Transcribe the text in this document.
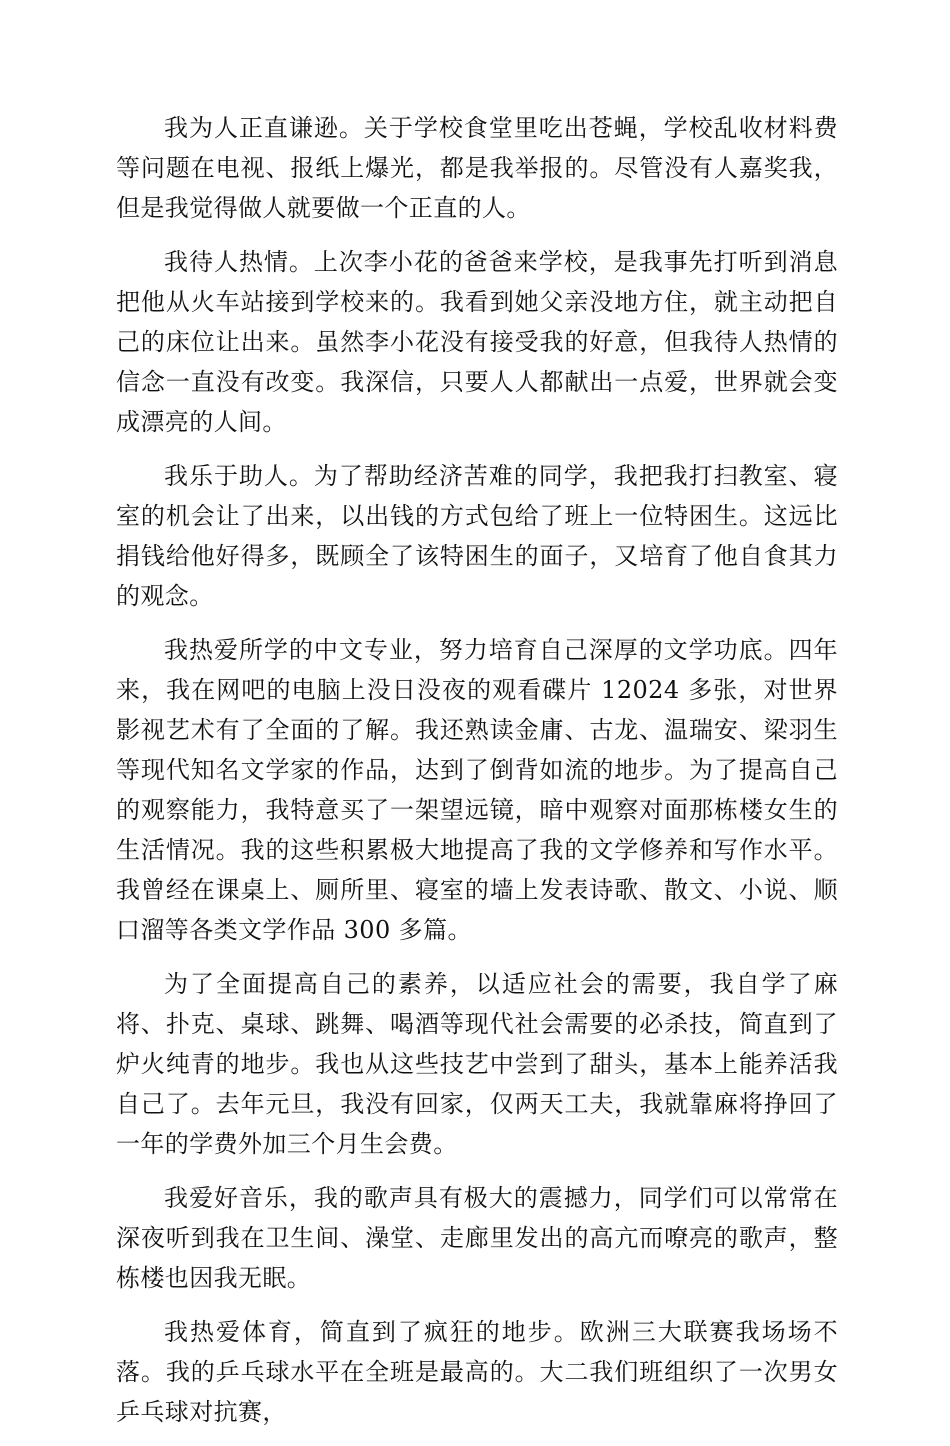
我为人正直谦逊。关于学校食堂里吃出苍蝇，学校乱收材料费等问题在电视、报纸上爆光，都是我举报的。尽管没有人嘉奖我，但是我觉得做人就要做一个正直的人。

我待人热情。上次李小花的爸爸来学校，是我事先打听到消息把他从火车站接到学校来的。我看到她父亲没地方住，就主动把自己的床位让出来。虽然李小花没有接受我的好意，但我待人热情的信念一直没有改变。我深信，只要人人都献出一点爱，世界就会变成漂亮的人间。

我乐于助人。为了帮助经济苦难的同学，我把我打扫教室、寝室的机会让了出来，以出钱的方式包给了班上一位特困生。这远比捐钱给他好得多，既顾全了该特困生的面子，又培育了他自食其力的观念。

我热爱所学的中文专业，努力培育自己深厚的文学功底。四年来，我在网吧的电脑上没日没夜的观看碟片 12024 多张，对世界影视艺术有了全面的了解。我还熟读金庸、古龙、温瑞安、梁羽生等现代知名文学家的作品，达到了倒背如流的地步。为了提高自己的观察能力，我特意买了一架望远镜，暗中观察对面那栋楼女生的生活情况。我的这些积累极大地提高了我的文学修养和写作水平。我曾经在课桌上、厕所里、寝室的墙上发表诗歌、散文、小说、顺口溜等各类文学作品 300 多篇。

为了全面提高自己的素养，以适应社会的需要，我自学了麻将、扑克、桌球、跳舞、喝酒等现代社会需要的必杀技，简直到了炉火纯青的地步。我也从这些技艺中尝到了甜头，基本上能养活我自己了。去年元旦，我没有回家，仅两天工夫，我就靠麻将挣回了一年的学费外加三个月生会费。

我爱好音乐，我的歌声具有极大的震撼力，同学们可以常常在深夜听到我在卫生间、澡堂、走廊里发出的高亢而嘹亮的歌声，整栋楼也因我无眠。

我热爱体育，简直到了疯狂的地步。欧洲三大联赛我场场不落。我的乒乓球水平在全班是最高的。大二我们班组织了一次男女乒乓球对抗赛，
